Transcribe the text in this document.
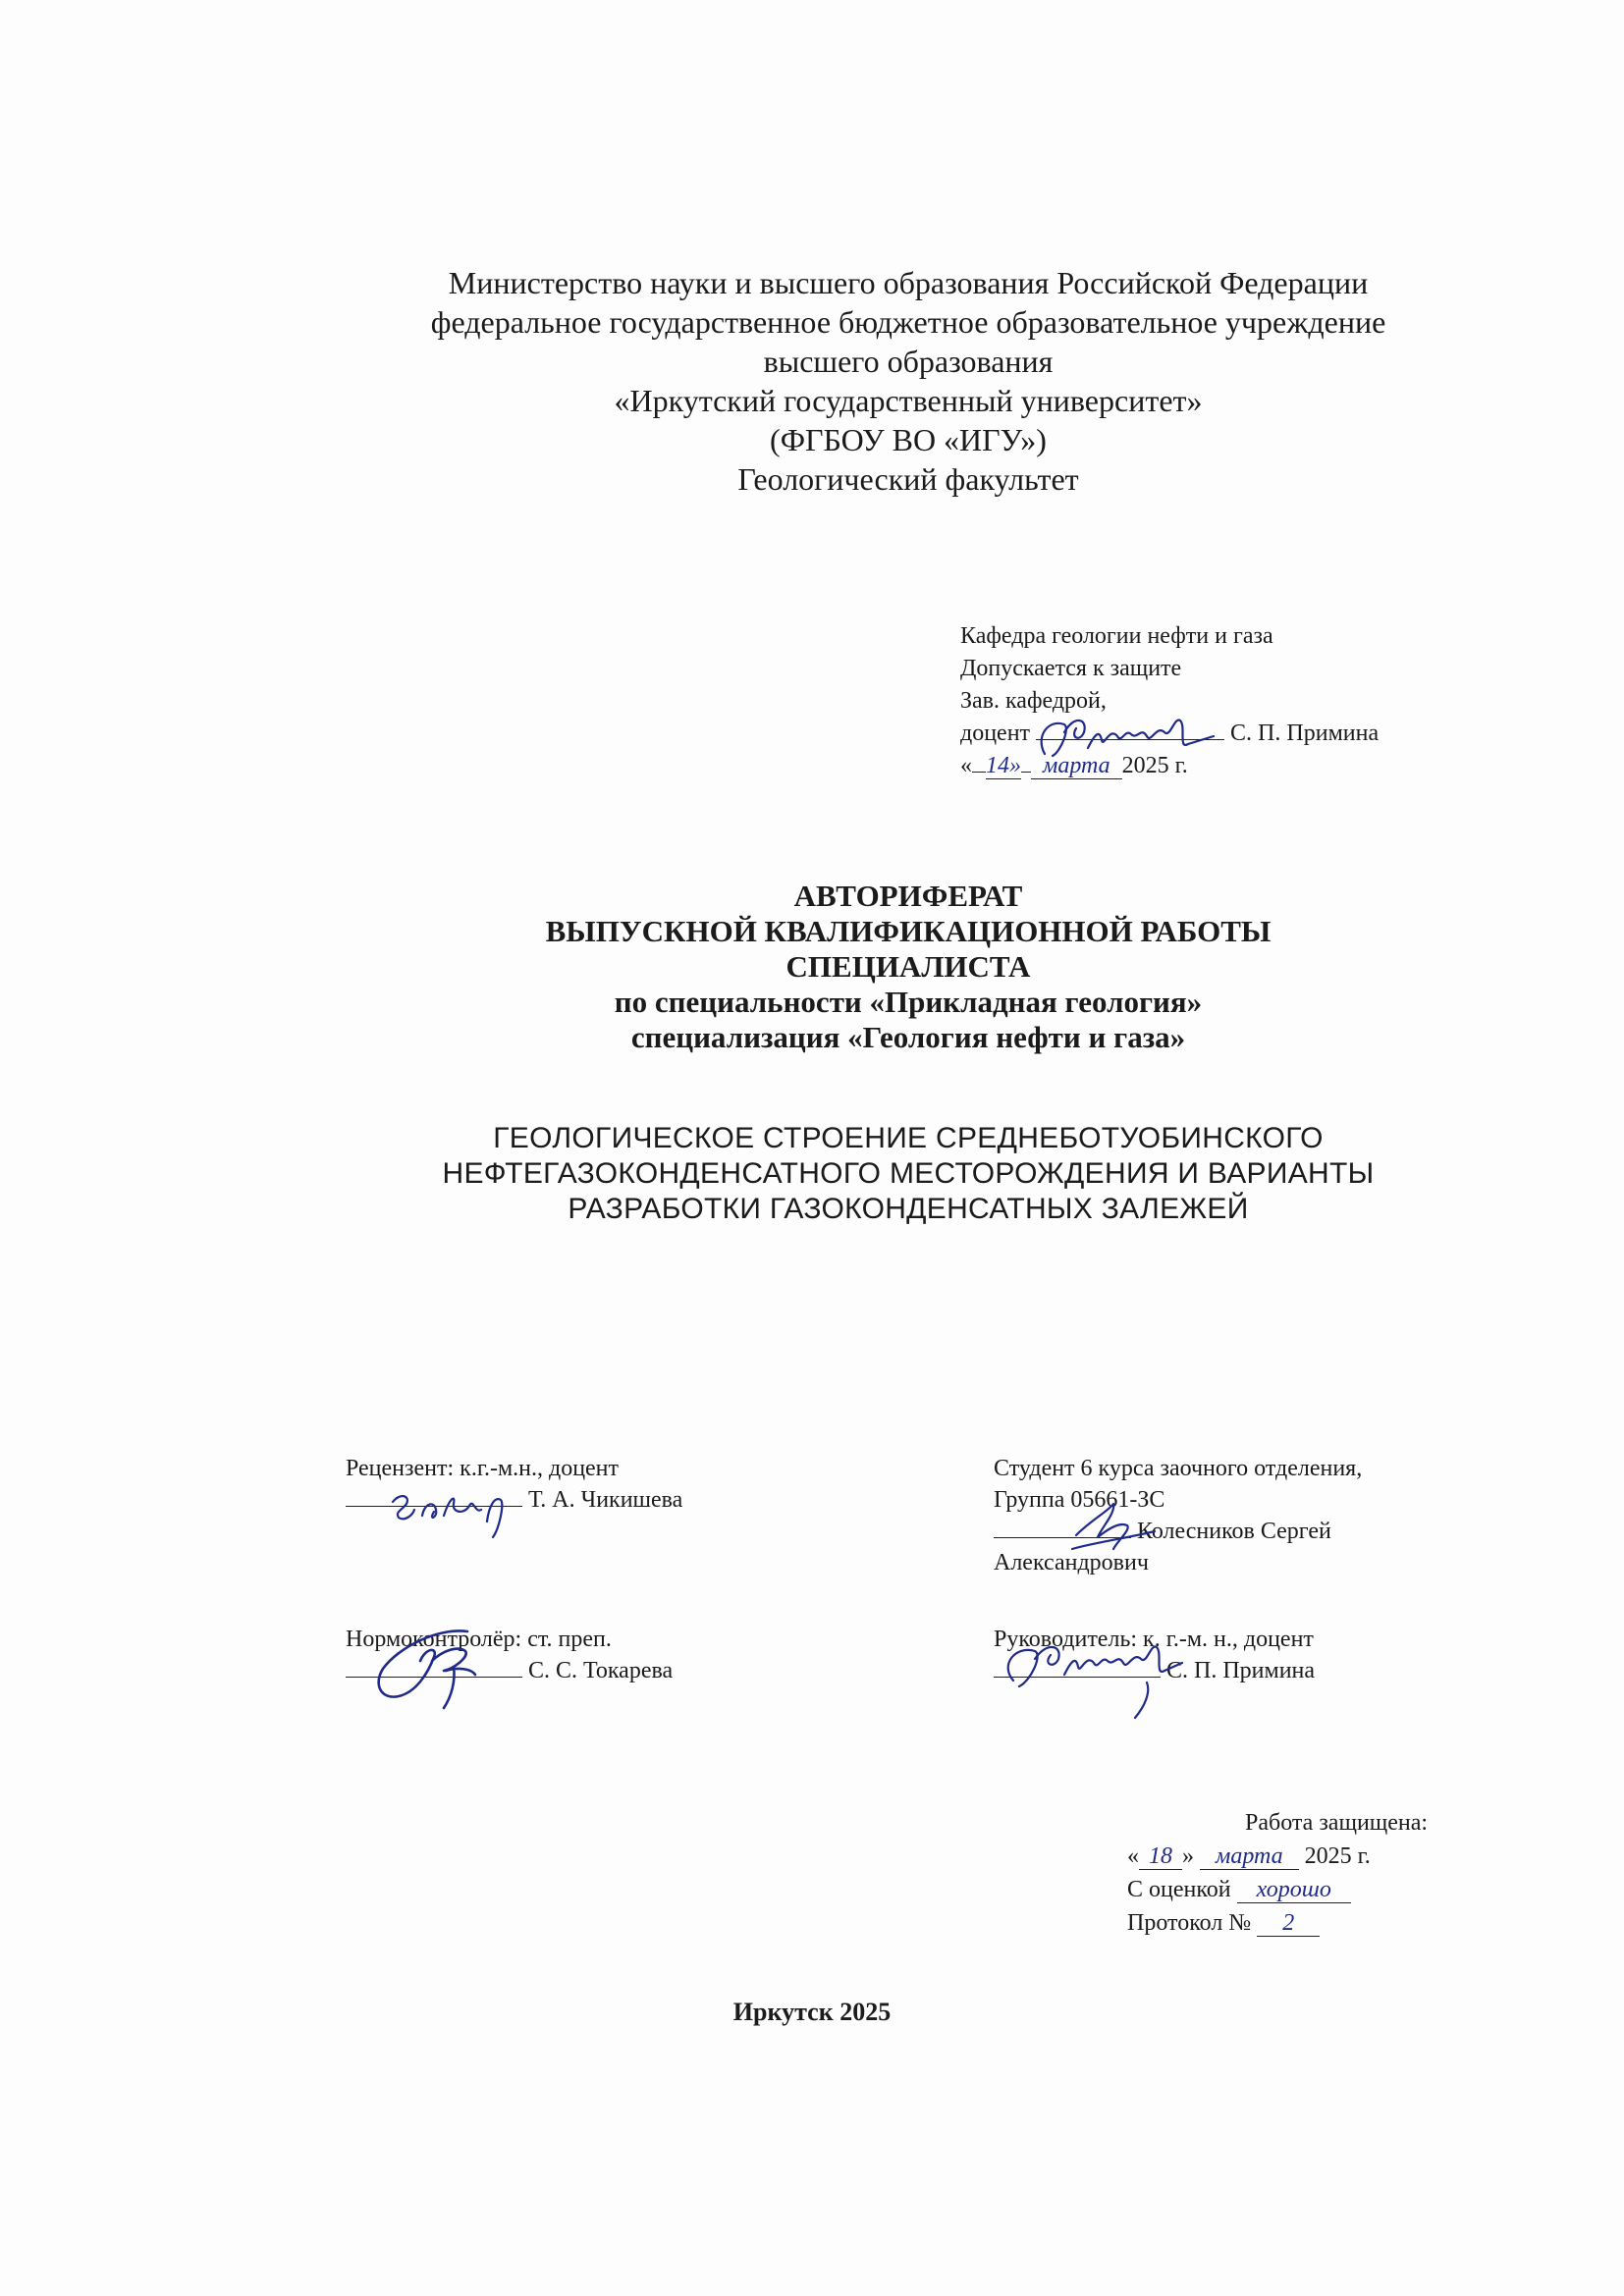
Министерство науки и высшего образования Российской Федерации
федеральное государственное бюджетное образовательное учреждение
высшего образования
«Иркутский государственный университет»
(ФГБОУ ВО «ИГУ»)
Геологический факультет
Кафедра геологии нефти и газа
Допускается к защите
Зав. кафедрой,
доцент	С. П. Примина
« 14» марта 2025 г.
АВТОРИФЕРАТ
ВЫПУСКНОЙ КВАЛИФИКАЦИОННОЙ РАБОТЫ
СПЕЦИАЛИСТА
по специальности «Прикладная геология»
специализация «Геология нефти и газа»
ГЕОЛОГИЧЕСКОЕ СТРОЕНИЕ СРЕДНЕБОТУОБИНСКОГО
НЕФТЕГАЗОКОНДЕНСАТНОГО МЕСТОРОЖДЕНИЯ И ВАРИАНТЫ
РАЗРАБОТКИ ГАЗОКОНДЕНСАТНЫХ ЗАЛЕЖЕЙ
Рецензент: к.г.-м.н., доцент
Т. А. Чикишева
Студент 6 курса заочного отделения,
Группа 05661-ЗС
Колесников Сергей
Александрович
Нормоконтролёр: ст. преп.
С. С. Токарева
Руководитель: к. г.-м. н., доцент
С. П. Примина
Работа защищена:
« 18 » марта 2025 г.
С оценкой хорошо
Протокол № 2
Иркутск 2025
